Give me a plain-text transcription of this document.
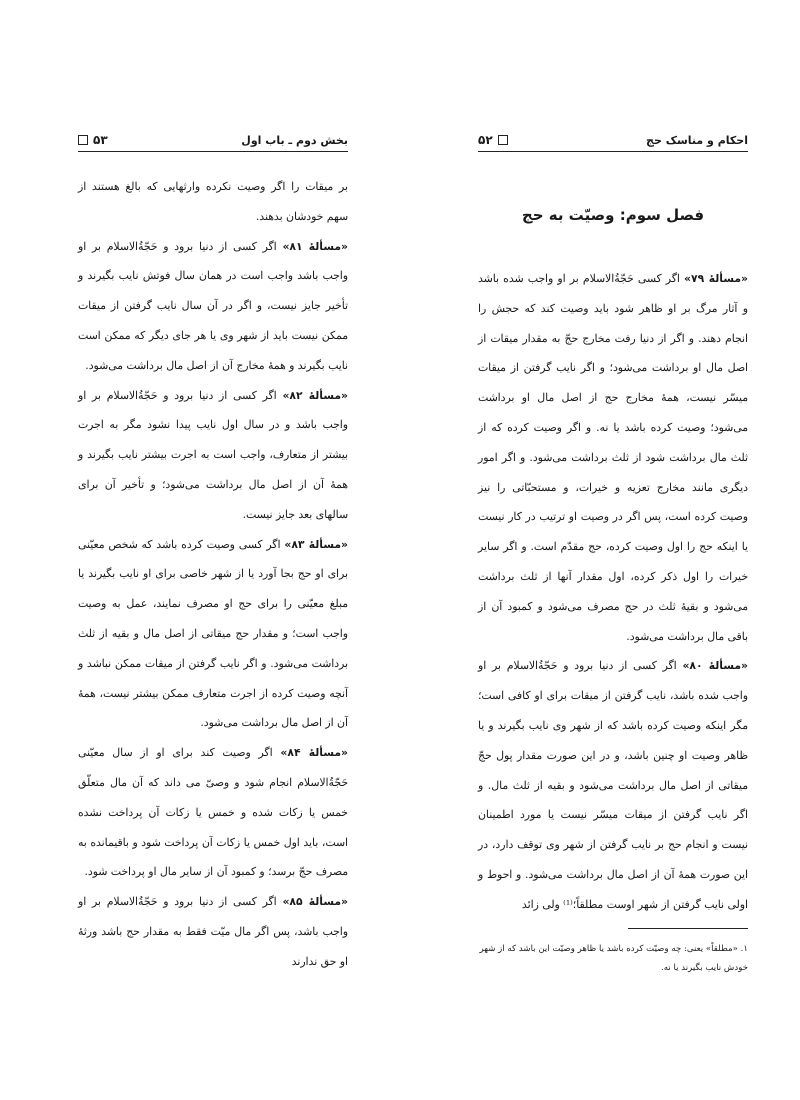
بخش دوم ـ باب اول
۵۳

بر میقات را اگر وصیت نکرده وارثهایی که بالغ هستند از سهم خودشان بدهند.

«مسألهٔ ۸۱» اگر کسی از دنیا برود و حَجّةُالاسلام بر او واجب باشد واجب است در همان سال فوتش نایب بگیرند و تأخیر جایز نیست، و اگر در آن سال نایب گرفتن از میقات ممکن نیست باید از شهر وی یا هر جای دیگر که ممکن است نایب بگیرند و همهٔ مخارج آن از اصل مال برداشت می‌شود.

«مسألهٔ ۸۲» اگر کسی از دنیا برود و حَجّةُالاسلام بر او واجب باشد و در سال اول نایب پیدا نشود مگر به اجرت بیشتر از متعارف، واجب است به اجرت بیشتر نایب بگیرند و همهٔ آن از اصل مال برداشت می‌شود؛ و تأخیر آن برای سالهای بعد جایز نیست.

«مسألهٔ ۸۳» اگر کسی وصیت کرده باشد که شخص معیّنی برای او حج بجا آورد یا از شهر خاصی برای او نایب بگیرند یا مبلغ معیّنی را برای حج او مصرف نمایند، عمل به وصیت واجب است؛ و مقدار حج میقاتی از اصل مال و بقیه از ثلث برداشت می‌شود. و اگر نایب گرفتن از میقات ممکن نباشد و آنچه وصیت کرده از اجرت متعارف ممکن بیشتر نیست، همهٔ آن از اصل مال برداشت می‌شود.

«مسألهٔ ۸۴» اگر وصیت کند برای او از سال معیّنی حَجّةُالاسلام انجام شود و وصیّ می داند که آن مال متعلّق خمس یا زکات شده و خمس یا زکات آن پرداخت نشده است، باید اول خمس یا زکات آن پرداخت شود و باقیمانده به مصرف حجّ برسد؛ و کمبود آن از سایر مال او پرداخت شود.

«مسألهٔ ۸۵» اگر کسی از دنیا برود و حَجّةُالاسلام بر او واجب باشد، پس اگر مال میّت فقط به مقدار حج باشد ورثهٔ او حق ندارند

احکام و مناسک حج
۵۲
فصل سوم: وصیّت به حج

«مسألهٔ ۷۹» اگر کسی حَجّةُالاسلام بر او واجب شده باشد و آثار مرگ بر او ظاهر شود باید وصیت کند که حجش را انجام دهند. و اگر از دنیا رفت مخارج حجّ به مقدار میقات از اصل مال او برداشت می‌شود؛ و اگر نایب گرفتن از میقات میسّر نیست، همهٔ مخارج حج از اصل مال او برداشت می‌شود؛ وصیت کرده باشد یا نه. و اگر وصیت کرده که از ثلث مال برداشت شود از ثلث برداشت می‌شود. و اگر امور دیگری مانند مخارج تعزیه و خیرات، و مستحبّاتی را نیز وصیت کرده است، پس اگر در وصیت او ترتیب در کار نیست یا اینکه حج را اول وصیت کرده، حج مقدّم است. و اگر سایر خیرات را اول ذکر کرده، اول مقدار آنها از ثلث برداشت می‌شود و بقیهٔ ثلث در حج مصرف می‌شود و کمبود آن از باقی مال برداشت می‌شود.

«مسألهٔ ۸۰» اگر کسی از دنیا برود و حَجّةُالاسلام بر او واجب شده باشد، نایب گرفتن از میقات برای او کافی است؛ مگر اینکه وصیت کرده باشد که از شهر وی نایب بگیرند و یا ظاهر وصیت او چنین باشد، و در این صورت مقدار پول حجّ میقاتی از اصل مال برداشت می‌شود و بقیه از ثلث مال. و اگر نایب گرفتن از میقات میسّر نیست یا مورد اطمینان نیست و انجام حج بر نایب گرفتن از شهر وی توقف دارد، در این صورت همهٔ آن از اصل مال برداشت می‌شود. و احوط و اولی نایب گرفتن از شهر اوست مطلقاً؛⁽¹⁾ ولی زائد

۱. «مطلقاً» یعنی: چه وصیّت کرده باشد یا ظاهر وصیّت این باشد که از شهر خودش نایب بگیرند یا نه.
